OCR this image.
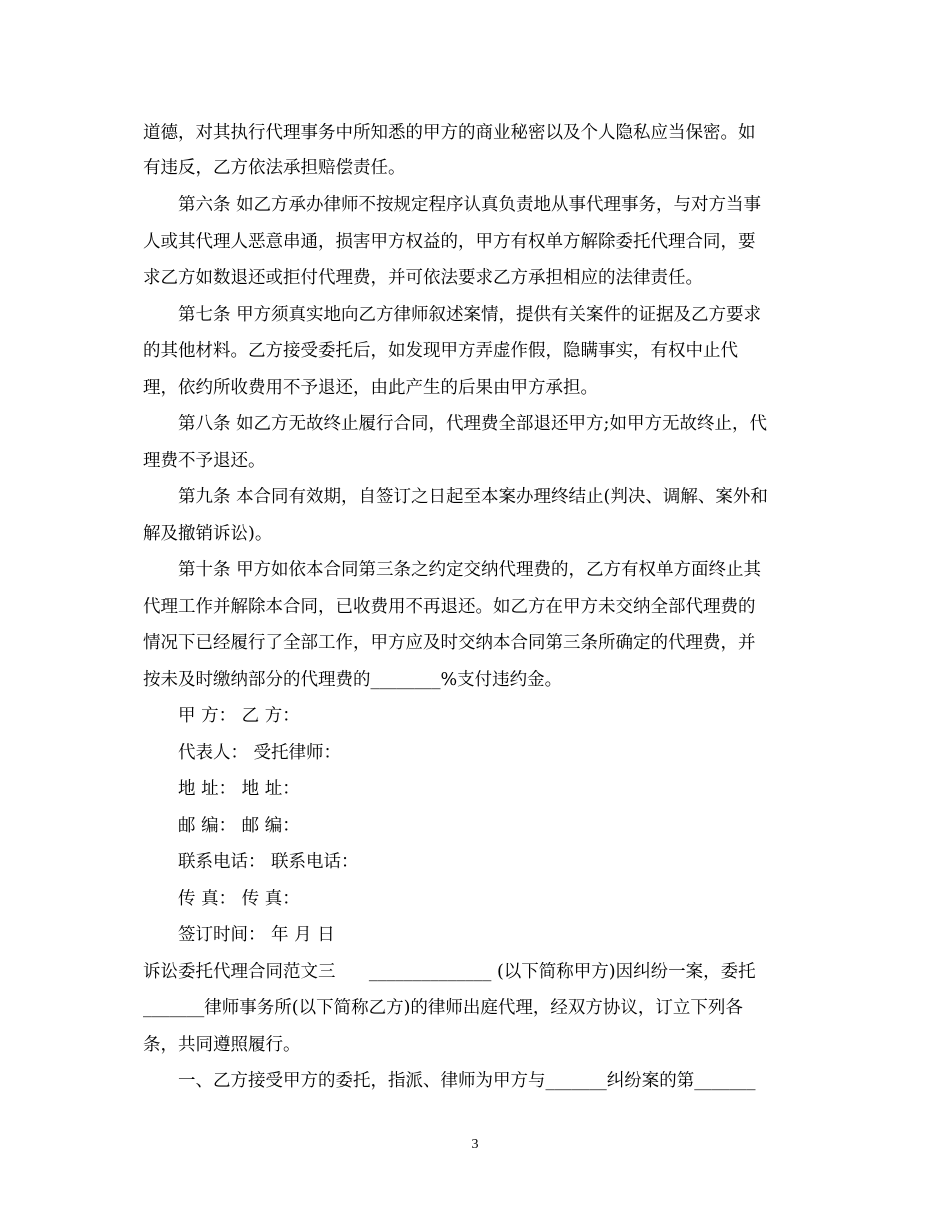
道德，对其执行代理事务中所知悉的甲方的商业秘密以及个人隐私应当保密。如
有违反，乙方依法承担赔偿责任。
第六条 如乙方承办律师不按规定程序认真负责地从事代理事务，与对方当事
人或其代理人恶意串通，损害甲方权益的，甲方有权单方解除委托代理合同，要
求乙方如数退还或拒付代理费，并可依法要求乙方承担相应的法律责任。
第七条 甲方须真实地向乙方律师叙述案情，提供有关案件的证据及乙方要求
的其他材料。乙方接受委托后，如发现甲方弄虚作假，隐瞒事实，有权中止代
理，依约所收费用不予退还，由此产生的后果由甲方承担。
第八条 如乙方无故终止履行合同，代理费全部退还甲方;如甲方无故终止，代
理费不予退还。
第九条 本合同有效期，自签订之日起至本案办理终结止(判决、调解、案外和
解及撤销诉讼)。
第十条 甲方如依本合同第三条之约定交纳代理费的，乙方有权单方面终止其
代理工作并解除本合同，已收费用不再退还。如乙方在甲方未交纳全部代理费的
情况下已经履行了全部工作，甲方应及时交纳本合同第三条所确定的代理费，并
按未及时缴纳部分的代理费的________%支付违约金。
甲 方： 乙 方：
代表人： 受托律师：
地 址： 地 址：
邮 编： 邮 编：
联系电话： 联系电话：
传 真： 传 真：
签订时间： 年 月 日
诉讼委托代理合同范文三      ______________ (以下简称甲方)因纠纷一案，委托
_______律师事务所(以下简称乙方)的律师出庭代理，经双方协议，订立下列各
条，共同遵照履行。
一、乙方接受甲方的委托，指派、律师为甲方与_______纠纷案的第_______
3
